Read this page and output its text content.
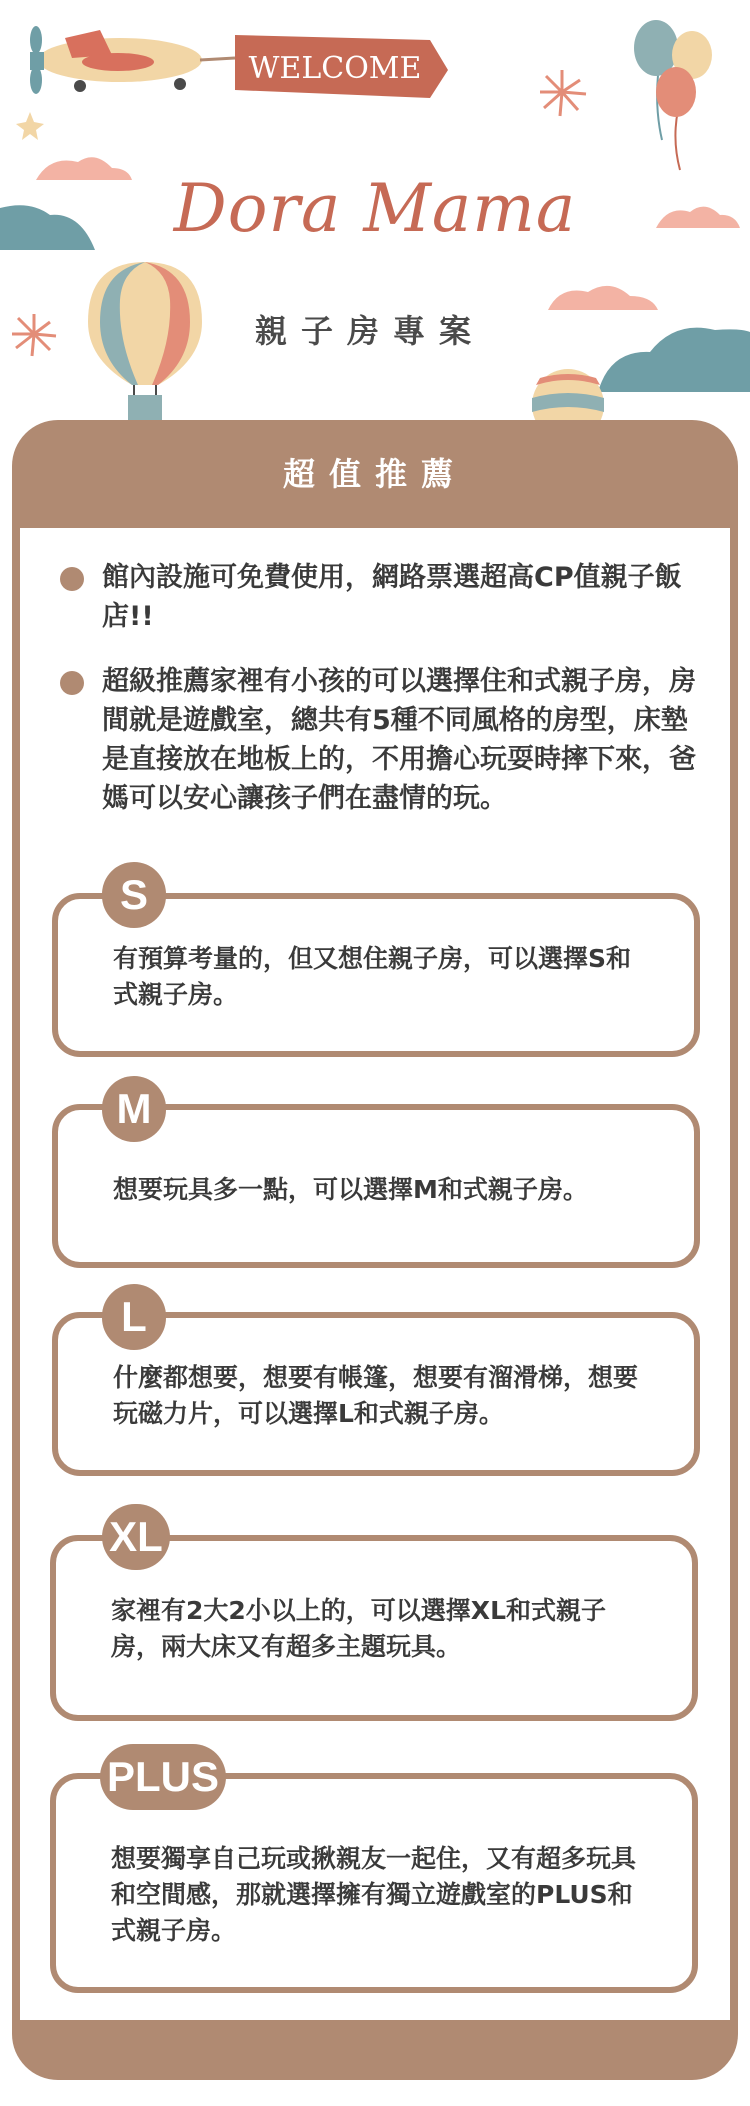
WELCOME
Dora Mama
親子房專案
超值推薦
館內設施可免費使用，網路票選超高CP值親子飯店!!
超級推薦家裡有小孩的可以選擇住和式親子房，房間就是遊戲室，總共有5種不同風格的房型，床墊是直接放在地板上的，不用擔心玩耍時摔下來，爸媽可以安心讓孩子們在盡情的玩。
有預算考量的，但又想住親子房，可以選擇S和式親子房。
S
想要玩具多一點，可以選擇M和式親子房。
M
什麼都想要，想要有帳篷，想要有溜滑梯，想要玩磁力片，可以選擇L和式親子房。
L
家裡有2大2小以上的，可以選擇XL和式親子房，兩大床又有超多主題玩具。
XL
想要獨享自己玩或揪親友一起住，又有超多玩具和空間感，那就選擇擁有獨立遊戲室的PLUS和式親子房。
PLUS
